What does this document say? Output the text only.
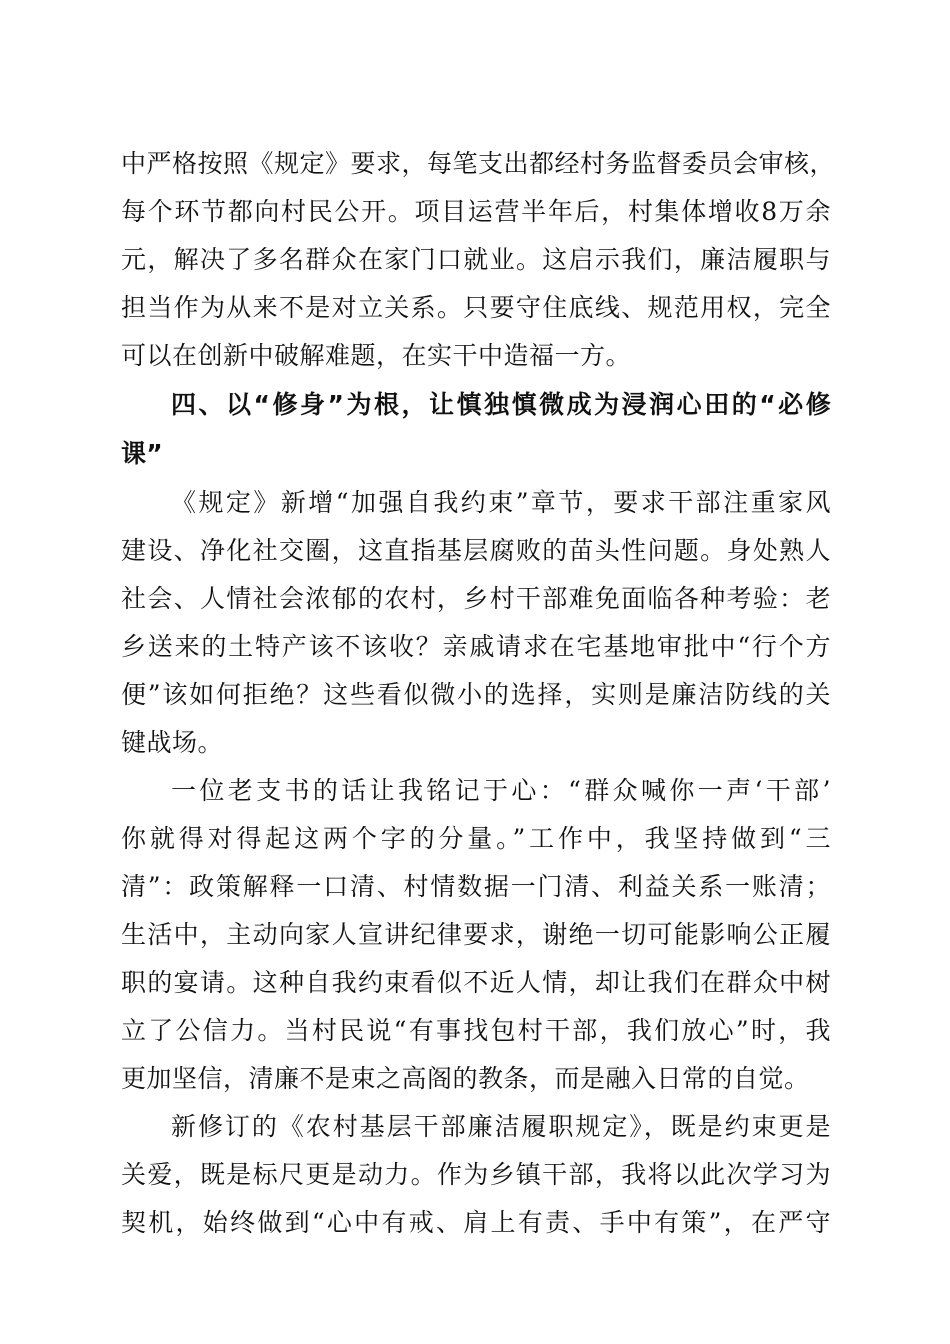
中严格按照《规定》要求，每笔支出都经村务监督委员会审核，
每个环节都向村民公开。项目运营半年后，村集体增收8万余
元，解决了多名群众在家门口就业。这启示我们，廉洁履职与
担当作为从来不是对立关系。只要守住底线、规范用权，完全
可以在创新中破解难题，在实干中造福一方。
四、以“修身”为根，让慎独慎微成为浸润心田的“必修
课”
《规定》新增“加强自我约束”章节，要求干部注重家风
建设、净化社交圈，这直指基层腐败的苗头性问题。身处熟人
社会、人情社会浓郁的农村，乡村干部难免面临各种考验：老
乡送来的土特产该不该收？亲戚请求在宅基地审批中“行个方
便”该如何拒绝？这些看似微小的选择，实则是廉洁防线的关
键战场。
一位老支书的话让我铭记于心：“群众喊你一声‘干部’
你就得对得起这两个字的分量。”工作中，我坚持做到“三
清”：政策解释一口清、村情数据一门清、利益关系一账清；
生活中，主动向家人宣讲纪律要求，谢绝一切可能影响公正履
职的宴请。这种自我约束看似不近人情，却让我们在群众中树
立了公信力。当村民说“有事找包村干部，我们放心”时，我
更加坚信，清廉不是束之高阁的教条，而是融入日常的自觉。
新修订的《农村基层干部廉洁履职规定》，既是约束更是
关爱，既是标尺更是动力。作为乡镇干部，我将以此次学习为
契机，始终做到“心中有戒、肩上有责、手中有策”，在严守
